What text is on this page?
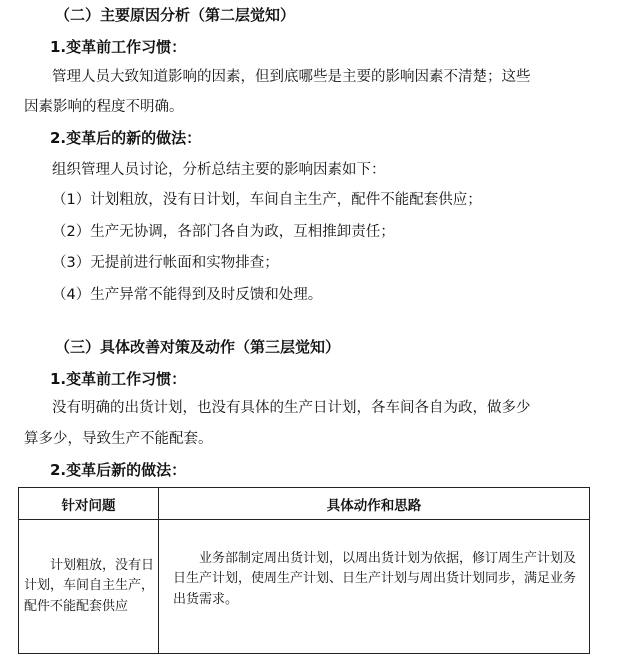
（二）主要原因分析（第二层觉知）
1.变革前工作习惯：
管理人员大致知道影响的因素，但到底哪些是主要的影响因素不清楚；这些
因素影响的程度不明确。
2.变革后的新的做法：
组织管理人员讨论，分析总结主要的影响因素如下：
（1）计划粗放，没有日计划，车间自主生产，配件不能配套供应；
（2）生产无协调，各部门各自为政，互相推卸责任；
（3）无提前进行帐面和实物排查；
（4）生产异常不能得到及时反馈和处理。
（三）具体改善对策及动作（第三层觉知）
1.变革前工作习惯：
没有明确的出货计划，也没有具体的生产日计划，各车间各自为政，做多少
算多少，导致生产不能配套。
2.变革后新的做法：
针对问题	具体动作和思路
计划粗放，没有日计划，车间自主生产，配件不能配套供应	业务部制定周出货计划，以周出货计划为依据，修订周生产计划及日生产计划，使周生产计划、日生产计划与周出货计划同步，满足业务出货需求。
